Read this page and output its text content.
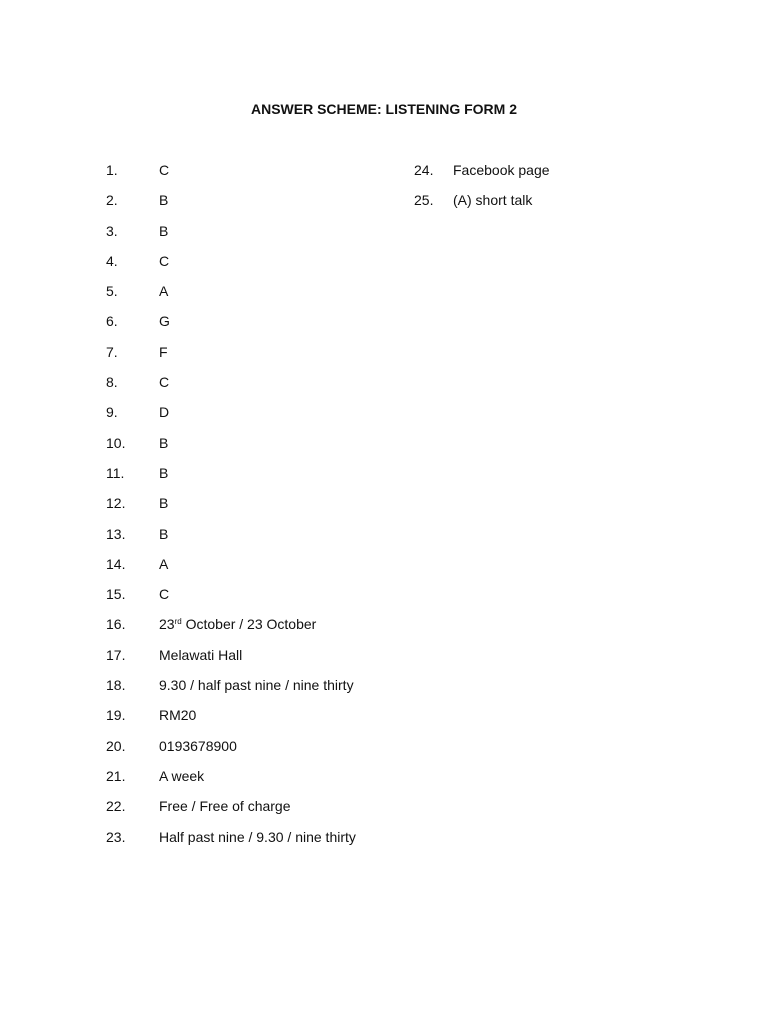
ANSWER SCHEME: LISTENING FORM 2
1.	C
2.	B
3.	B
4.	C
5.	A
6.	G
7.	F
8.	C
9.	D
10. B
11. B
12. B
13. B
14. A
15. C
16. 23rd October / 23 October
17. Melawati Hall
18. 9.30 / half past nine / nine thirty
19. RM20
20. 0193678900
21. A week
22. Free / Free of charge
23. Half past nine / 9.30 / nine thirty
24. Facebook page
25. (A) short talk
